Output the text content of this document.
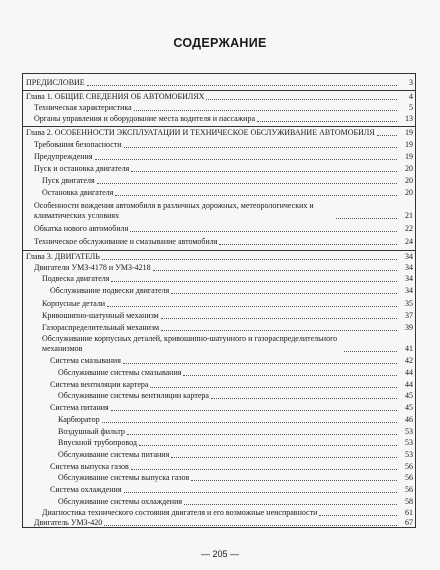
СОДЕРЖАНИЕ
ПРЕДИСЛОВИЕ	3
Глава 1. ОБЩИЕ СВЕДЕНИЯ ОБ АВТОМОБИЛЯХ	4
Техническая характеристика	5
Органы управления и оборудование места водителя и пассажира	13
Глава 2. ОСОБЕННОСТИ ЭКСПЛУАТАЦИИ И ТЕХНИЧЕСКОЕ ОБСЛУЖИВАНИЕ АВТОМОБИЛЯ	19
Требования безопасности	19
Предупреждения	19
Пуск и остановка двигателя	20
Пуск двигателя	20
Остановка двигателя	20
Особенности вождения автомобиля в различных дорожных, метеорологических и климатических условиях	21
Обкатка нового автомобиля	22
Техническое обслуживание и смазывание автомобиля	24
Глава 3. ДВИГАТЕЛЬ	34
Двигатели УМЗ-4178 и УМЗ-4218	34
Подвеска двигателя	34
Обслуживание подвески двигателя	34
Корпусные детали	35
Кривошипно-шатунный механизм	37
Газораспределительный механизм	39
Обслуживание корпусных деталей, кривошипно-шатунного и газораспределительного механизмов	41
Система смазывания	42
Обслуживание системы смазывания	44
Система вентиляции картера	44
Обслуживание системы вентиляции картера	45
Система питания	45
Карбюратор	46
Воздушный фильтр	53
Впускной трубопровод	53
Обслуживание системы питания	53
Система выпуска газов	56
Обслуживание системы выпуска газов	56
Система охлаждения	56
Обслуживание системы охлаждения	58
Диагностика технического состояния двигателя и его возможные неисправности	61
Двигатель УМЗ-420	67
— 205 —
